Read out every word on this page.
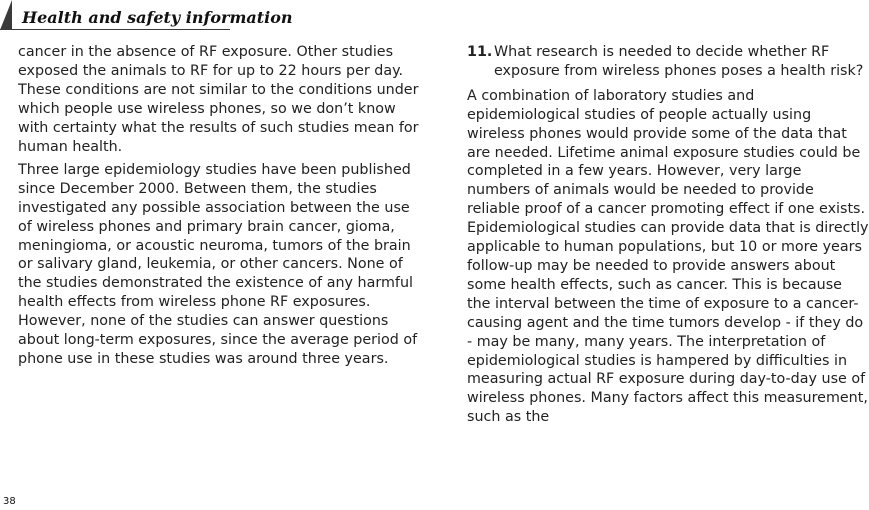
Health and safety information

cancer in the absence of RF exposure. Other studies exposed the animals to RF for up to 22 hours per day. These conditions are not similar to the conditions under which people use wireless phones, so we don’t know with certainty what the results of such studies mean for human health.

Three large epidemiology studies have been published since December 2000. Between them, the studies investigated any possible association between the use of wireless phones and primary brain cancer, gioma, meningioma, or acoustic neuroma, tumors of the brain or salivary gland, leukemia, or other cancers. None of the studies demonstrated the existence of any harmful health effects from wireless phone RF exposures. However, none of the studies can answer questions about long-term exposures, since the average period of phone use in these studies was around three years.

11. What research is needed to decide whether RF exposure from wireless phones poses a health risk?

A combination of laboratory studies and epidemiological studies of people actually using wireless phones would provide some of the data that are needed. Lifetime animal exposure studies could be completed in a few years. However, very large numbers of animals would be needed to provide reliable proof of a cancer promoting effect if one exists. Epidemiological studies can provide data that is directly applicable to human populations, but 10 or more years follow-up may be needed to provide answers about some health effects, such as cancer. This is because the interval between the time of exposure to a cancer-causing agent and the time tumors develop - if they do - may be many, many years. The interpretation of epidemiological studies is hampered by difficulties in measuring actual RF exposure during day-to-day use of wireless phones. Many factors affect this measurement, such as the

38
